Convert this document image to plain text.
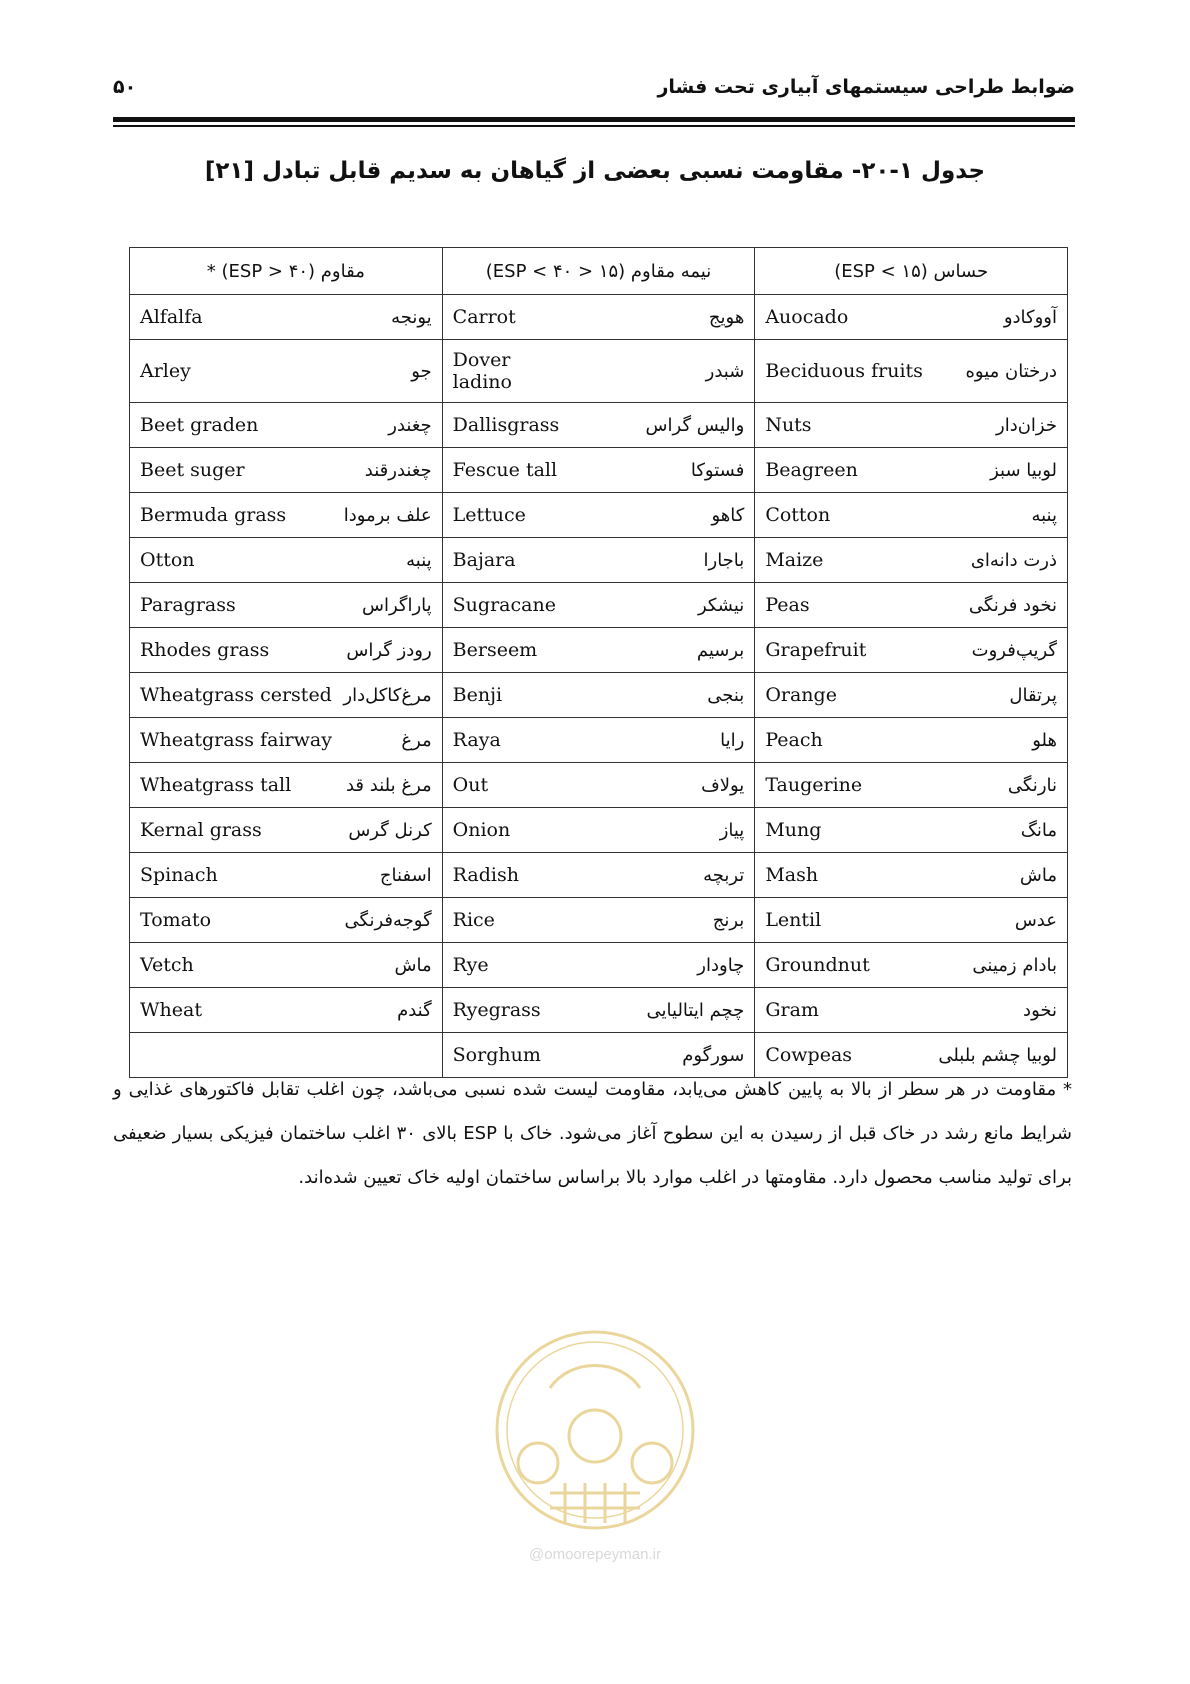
ضوابط طراحی سیستمهای آبیاری تحت فشار
۵۰
جدول ۱-۲۰- مقاومت نسبی بعضی از گیاهان به سدیم قابل تبادل [۲۱]
مقاوم (ESP > ۴۰) *	نیمه مقاوم (۱۵ < ESP < ۴۰)	حساس (ESP < ۱۵)

Alfalfa یونجه	Carrot هویج	Auocado آووکادو

Arley جو	Dover ladino شبدر	Beciduous fruits درختان میوه

Beet graden چغندر	Dallisgrass والیس گراس	Nuts خزان‌دار

Beet suger چغندرقند	Fescue tall فستوکا	Beagreen لوبیا سبز

Bermuda grass علف برمودا	Lettuce کاهو	Cotton پنبه

Otton پنبه	Bajara باجارا	Maize ذرت دانه‌ای

Paragrass پاراگراس	Sugracane نیشکر	Peas نخود فرنگی

Rhodes grass رودز گراس	Berseem برسیم	Grapefruit گریپ‌فروت

Wheatgrass cersted مرغ‌کاکل‌دار	Benji بنجی	Orange پرتقال

Wheatgrass fairway مرغ	Raya رایا	Peach هلو

Wheatgrass tall مرغ بلند قد	Out یولاف	Taugerine نارنگی

Kernal grass کرنل گرس	Onion پیاز	Mung مانگ

Spinach اسفناج	Radish تربچه	Mash ماش

Tomato گوجه‌فرنگی	Rice برنج	Lentil عدس

Vetch ماش	Rye چاودار	Groundnut بادام زمینی

Wheat گندم	Ryegrass چچم ایتالیایی	Gram نخود

	Sorghum سورگوم	Cowpeas لوبیا چشم بلبلی
* مقاومت در هر سطر از بالا به پایین کاهش می‌یابد، مقاومت لیست شده نسبی می‌باشد، چون اغلب تقابل فاکتورهای غذایی و شرایط مانع رشد در خاک قبل از رسیدن به این سطوح آغاز می‌شود. خاک با ESP بالای ۳۰ اغلب ساختمان فیزیکی بسیار ضعیفی برای تولید مناسب محصول دارد. مقاومتها در اغلب موارد بالا براساس ساختمان اولیه خاک تعیین شده‌اند.
@omoorepeyman.ir
